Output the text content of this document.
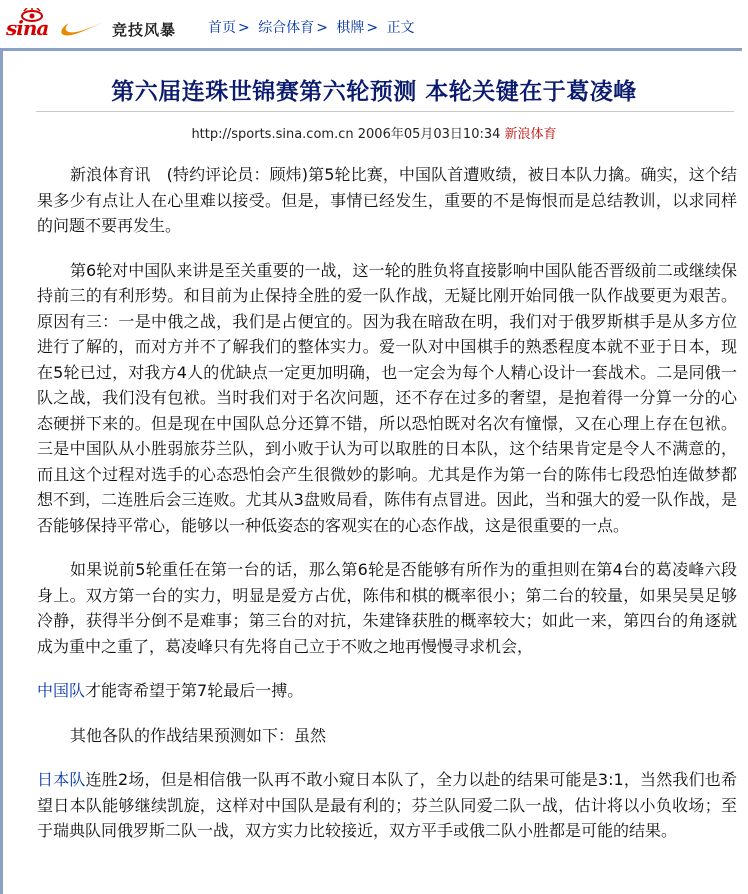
sina	竞技风暴 首页 > 综合体育 > 棋牌 > 正文
第六届连珠世锦赛第六轮预测 本轮关键在于葛凌峰
http://sports.sina.com.cn 2006年05月03日10:34 新浪体育

新浪体育讯　(特约评论员：顾炜)第5轮比赛，中国队首遭败绩，被日本队力擒。确实，这个结果多少有点让人在心里难以接受。但是，事情已经发生，重要的不是悔恨而是总结教训，以求同样的问题不要再发生。

第6轮对中国队来讲是至关重要的一战，这一轮的胜负将直接影响中国队能否晋级前二或继续保持前三的有利形势。和目前为止保持全胜的爱一队作战，无疑比刚开始同俄一队作战要更为艰苦。原因有三：一是中俄之战，我们是占便宜的。因为我在暗敌在明，我们对于俄罗斯棋手是从多方位进行了解的，而对方并不了解我们的整体实力。爱一队对中国棋手的熟悉程度本就不亚于日本，现在5轮已过，对我方4人的优缺点一定更加明确，也一定会为每个人精心设计一套战术。二是同俄一队之战，我们没有包袱。当时我们对于名次问题，还不存在过多的奢望，是抱着得一分算一分的心态硬拼下来的。但是现在中国队总分还算不错，所以恐怕既对名次有憧憬，又在心理上存在包袱。三是中国队从小胜弱旅芬兰队，到小败于认为可以取胜的日本队，这个结果肯定是令人不满意的，而且这个过程对选手的心态恐怕会产生很微妙的影响。尤其是作为第一台的陈伟七段恐怕连做梦都想不到，二连胜后会三连败。尤其从3盘败局看，陈伟有点冒进。因此，当和强大的爱一队作战，是否能够保持平常心，能够以一种低姿态的客观实在的心态作战，这是很重要的一点。

如果说前5轮重任在第一台的话，那么第6轮是否能够有所作为的重担则在第4台的葛凌峰六段身上。双方第一台的实力，明显是爱方占优，陈伟和棋的概率很小；第二台的较量，如果吴昊足够冷静，获得半分倒不是难事；第三台的对抗，朱建锋获胜的概率较大；如此一来，第四台的角逐就成为重中之重了，葛凌峰只有先将自己立于不败之地再慢慢寻求机会，

中国队才能寄希望于第7轮最后一搏。

其他各队的作战结果预测如下：虽然

日本队连胜2场，但是相信俄一队再不敢小窥日本队了，全力以赴的结果可能是3:1，当然我们也希望日本队能够继续凯旋，这样对中国队是最有利的；芬兰队同爱二队一战，估计将以小负收场；至于瑞典队同俄罗斯二队一战，双方实力比较接近，双方平手或俄二队小胜都是可能的结果。
